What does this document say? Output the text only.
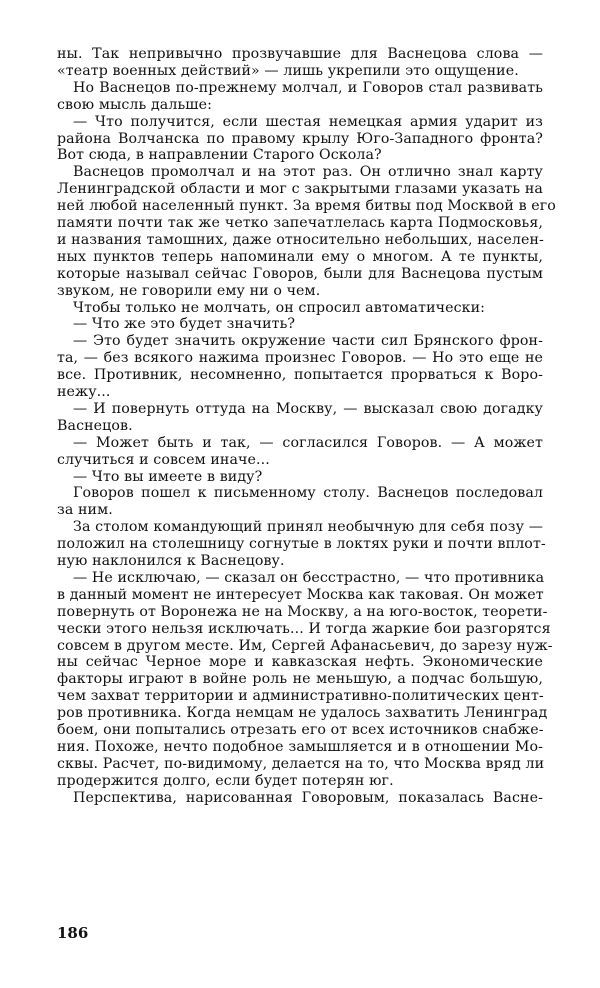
ны. Так непривычно прозвучавшие для Васнецова слова —
«театр военных действий» — лишь укрепили это ощущение.
Но Васнецов по-прежнему молчал, и Говоров стал развивать
свою мысль дальше:
— Что получится, если шестая немецкая армия ударит из
района Волчанска по правому крылу Юго-Западного фронта?
Вот сюда, в направлении Старого Оскола?
Васнецов промолчал и на этот раз. Он отлично знал карту
Ленинградской области и мог с закрытыми глазами указать на
ней любой населенный пункт. За время битвы под Москвой в его
памяти почти так же четко запечатлелась карта Подмосковья,
и названия тамошних, даже относительно небольших, населен-
ных пунктов теперь напоминали ему о многом. А те пункты,
которые называл сейчас Говоров, были для Васнецова пустым
звуком, не говорили ему ни о чем.
Чтобы только не молчать, он спросил автоматически:
— Что же это будет значить?
— Это будет значить окружение части сил Брянского фрон-
та, — без всякого нажима произнес Говоров. — Но это еще не
все. Противник, несомненно, попытается прорваться к Воро-
нежу...
— И повернуть оттуда на Москву, — высказал свою догадку
Васнецов.
— Может быть и так, — согласился Говоров. — А может
случиться и совсем иначе...
— Что вы имеете в виду?
Говоров пошел к письменному столу. Васнецов последовал
за ним.
За столом командующий принял необычную для себя позу —
положил на столешницу согнутые в локтях руки и почти вплот-
ную наклонился к Васнецову.
— Не исключаю, — сказал он бесстрастно, — что противника
в данный момент не интересует Москва как таковая. Он может
повернуть от Воронежа не на Москву, а на юго-восток, теорети-
чески этого нельзя исключать... И тогда жаркие бои разгорятся
совсем в другом месте. Им, Сергей Афанасьевич, до зарезу нуж-
ны сейчас Черное море и кавказская нефть. Экономические
факторы играют в войне роль не меньшую, а подчас большую,
чем захват территории и административно-политических цент-
ров противника. Когда немцам не удалось захватить Ленинград
боем, они попытались отрезать его от всех источников снабже-
ния. Похоже, нечто подобное замышляется и в отношении Мо-
сквы. Расчет, по-видимому, делается на то, что Москва вряд ли
продержится долго, если будет потерян юг.
Перспектива, нарисованная Говоровым, показалась Васне-
186
